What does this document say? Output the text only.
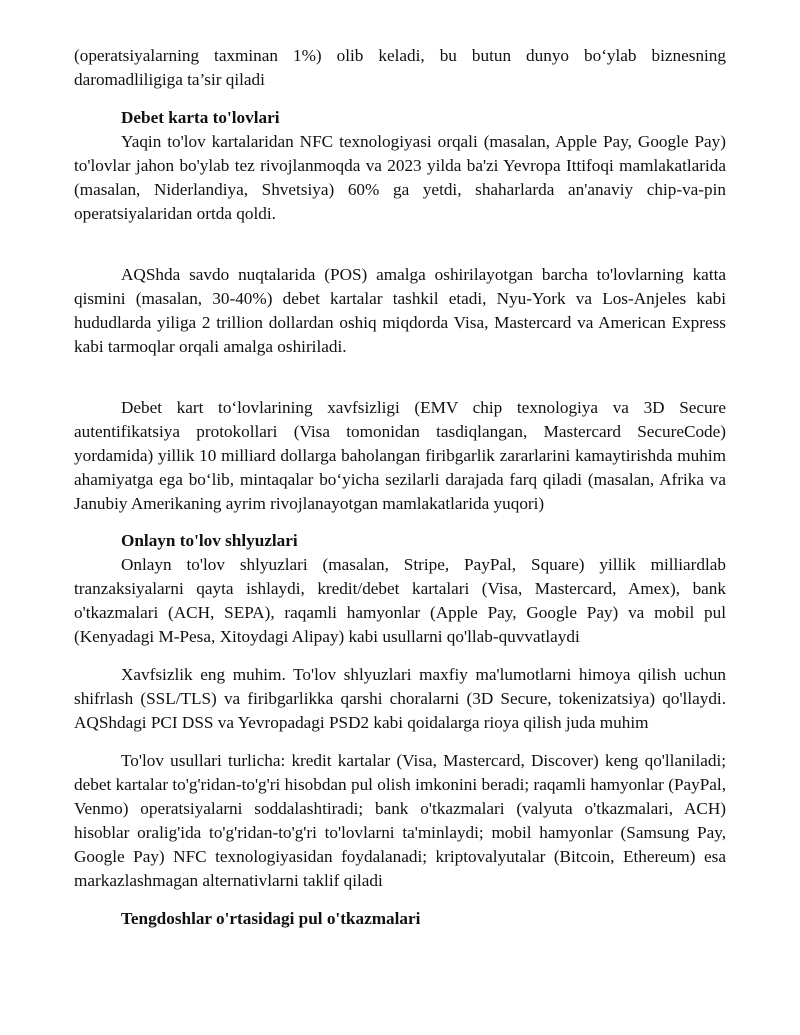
(operatsiyalarning taxminan 1%) olib keladi, bu butun dunyo bo‘ylab biznesning daromadliligiga ta’sir qiladi

Debet karta to'lovlari

Yaqin to'lov kartalaridan NFC texnologiyasi orqali (masalan, Apple Pay, Google Pay) to'lovlar jahon bo'ylab tez rivojlanmoqda va 2023 yilda ba'zi Yevropa Ittifoqi mamlakatlarida (masalan, Niderlandiya, Shvetsiya) 60% ga yetdi, shaharlarda an'anaviy chip-va-pin operatsiyalaridan ortda qoldi.

AQShda savdo nuqtalarida (POS) amalga oshirilayotgan barcha to'lovlarning katta qismini (masalan, 30-40%) debet kartalar tashkil etadi, Nyu-York va Los-Anjeles kabi hududlarda yiliga 2 trillion dollardan oshiq miqdorda Visa, Mastercard va American Express kabi tarmoqlar orqali amalga oshiriladi.

Debet kart to‘lovlarining xavfsizligi (EMV chip texnologiya va 3D Secure autentifikatsiya protokollari (Visa tomonidan tasdiqlangan, Mastercard SecureCode) yordamida) yillik 10 milliard dollarga baholangan firibgarlik zararlarini kamaytirishda muhim ahamiyatga ega bo‘lib, mintaqalar bo‘yicha sezilarli darajada farq qiladi (masalan, Afrika va Janubiy Amerikaning ayrim rivojlanayotgan mamlakatlarida yuqori)

Onlayn to'lov shlyuzlari

Onlayn to'lov shlyuzlari (masalan, Stripe, PayPal, Square) yillik milliardlab tranzaksiyalarni qayta ishlaydi, kredit/debet kartalari (Visa, Mastercard, Amex), bank o'tkazmalari (ACH, SEPA), raqamli hamyonlar (Apple Pay, Google Pay) va mobil pul (Kenyadagi M-Pesa, Xitoydagi Alipay) kabi usullarni qo'llab-quvvatlaydi

Xavfsizlik eng muhim. To'lov shlyuzlari maxfiy ma'lumotlarni himoya qilish uchun shifrlash (SSL/TLS) va firibgarlikka qarshi choralarni (3D Secure, tokenizatsiya) qo'llaydi. AQShdagi PCI DSS va Yevropadagi PSD2 kabi qoidalarga rioya qilish juda muhim

To'lov usullari turlicha: kredit kartalar (Visa, Mastercard, Discover) keng qo'llaniladi; debet kartalar to'g'ridan-to'g'ri hisobdan pul olish imkonini beradi; raqamli hamyonlar (PayPal, Venmo) operatsiyalarni soddalashtiradi; bank o'tkazmalari (valyuta o'tkazmalari, ACH) hisoblar oralig'ida to'g'ridan-to'g'ri to'lovlarni ta'minlaydi; mobil hamyonlar (Samsung Pay, Google Pay) NFC texnologiyasidan foydalanadi; kriptovalyutalar (Bitcoin, Ethereum) esa markazlashmagan alternativlarni taklif qiladi

Tengdoshlar o'rtasidagi pul o'tkazmalari
